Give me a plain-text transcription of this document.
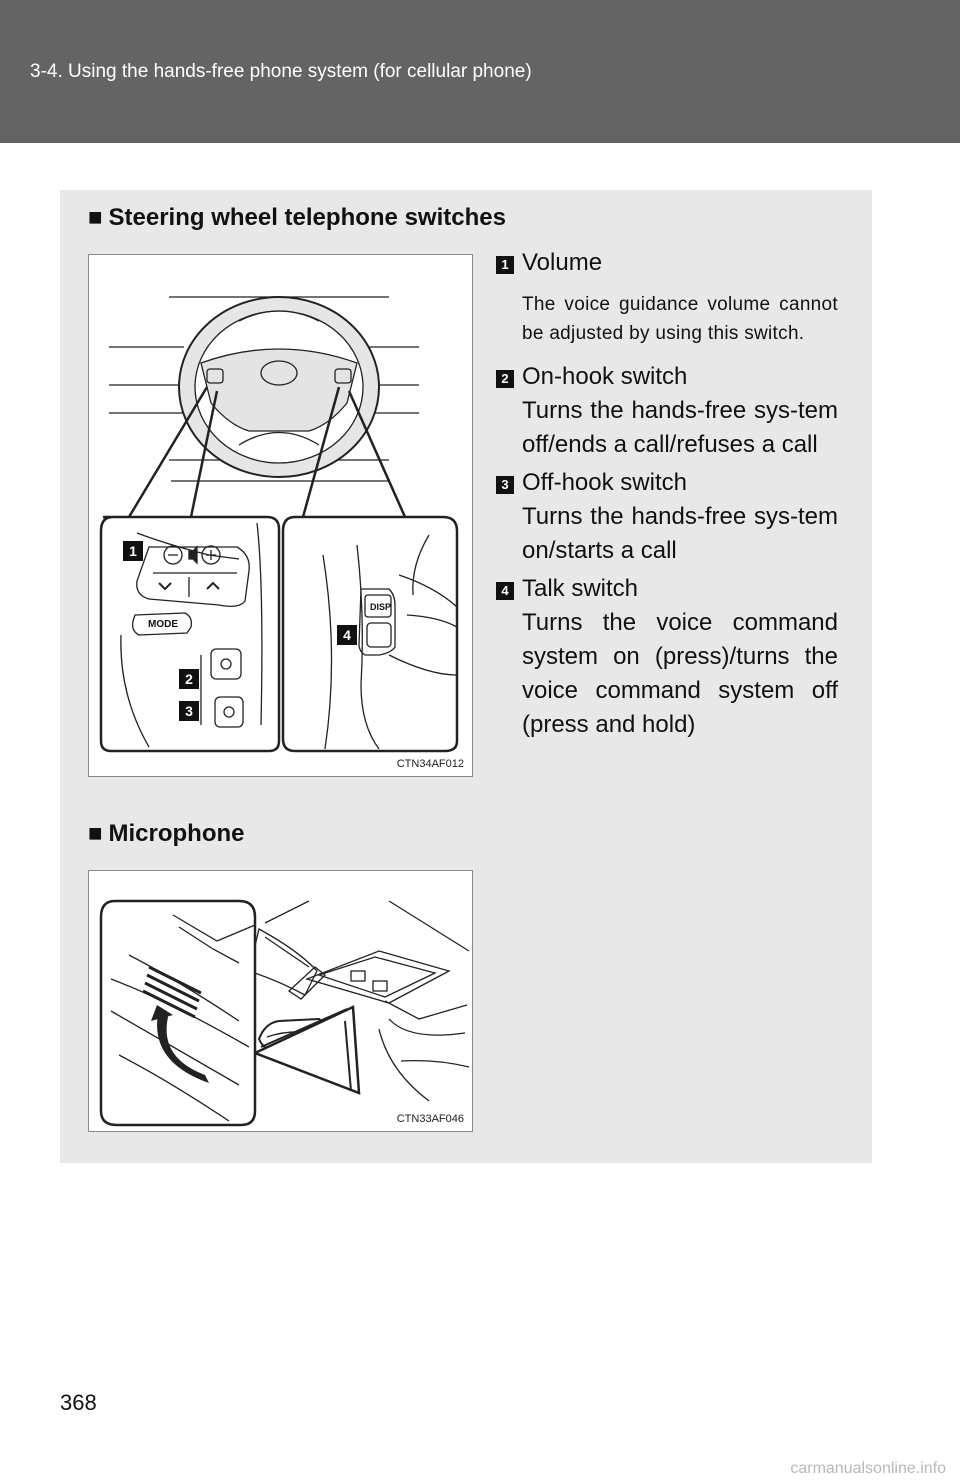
3-4. Using the hands-free phone system (for cellular phone)
■ Steering wheel telephone switches
MODE
DISP
1
2
3
4
CTN34AF012
1 Volume
The voice guidance volume cannot be adjusted by using this switch.
2 On-hook switch
Turns the hands-free sys-tem off/ends a call/refuses a call
3 Off-hook switch
Turns the hands-free sys-tem on/starts a call
4 Talk switch
Turns the voice command system on (press)/turns the voice command system off (press and hold)
■ Microphone
CTN33AF046
368
carmanualsonline.info
